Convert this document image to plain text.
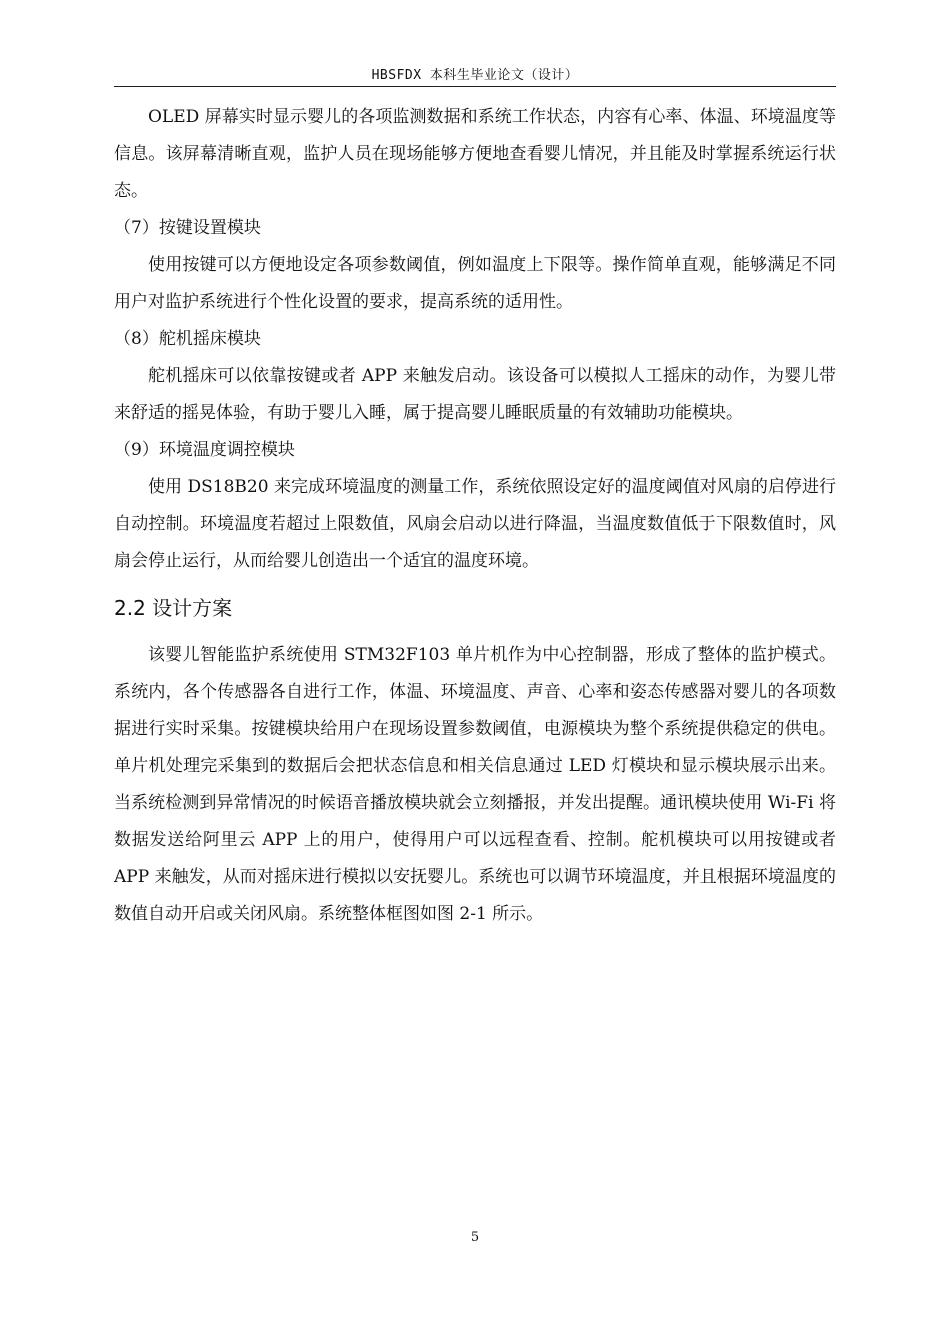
HBSFDX 本科生毕业论文（设计）

OLED 屏幕实时显示婴儿的各项监测数据和系统工作状态，内容有心率、体温、环境温度等信息。该屏幕清晰直观，监护人员在现场能够方便地查看婴儿情况，并且能及时掌握系统运行状态。

（7）按键设置模块

使用按键可以方便地设定各项参数阈值，例如温度上下限等。操作简单直观，能够满足不同用户对监护系统进行个性化设置的要求，提高系统的适用性。

（8）舵机摇床模块

舵机摇床可以依靠按键或者 APP 来触发启动。该设备可以模拟人工摇床的动作，为婴儿带来舒适的摇晃体验，有助于婴儿入睡，属于提高婴儿睡眠质量的有效辅助功能模块。

（9）环境温度调控模块

使用 DS18B20 来完成环境温度的测量工作，系统依照设定好的温度阈值对风扇的启停进行自动控制。环境温度若超过上限数值，风扇会启动以进行降温，当温度数值低于下限数值时，风扇会停止运行，从而给婴儿创造出一个适宜的温度环境。

2.2 设计方案

该婴儿智能监护系统使用 STM32F103 单片机作为中心控制器，形成了整体的监护模式。系统内，各个传感器各自进行工作，体温、环境温度、声音、心率和姿态传感器对婴儿的各项数据进行实时采集。按键模块给用户在现场设置参数阈值，电源模块为整个系统提供稳定的供电。单片机处理完采集到的数据后会把状态信息和相关信息通过 LED 灯模块和显示模块展示出来。当系统检测到异常情况的时候语音播放模块就会立刻播报，并发出提醒。通讯模块使用 Wi-Fi 将数据发送给阿里云 APP 上的用户，使得用户可以远程查看、控制。舵机模块可以用按键或者 APP 来触发，从而对摇床进行模拟以安抚婴儿。系统也可以调节环境温度，并且根据环境温度的数值自动开启或关闭风扇。系统整体框图如图 2-1 所示。

5
